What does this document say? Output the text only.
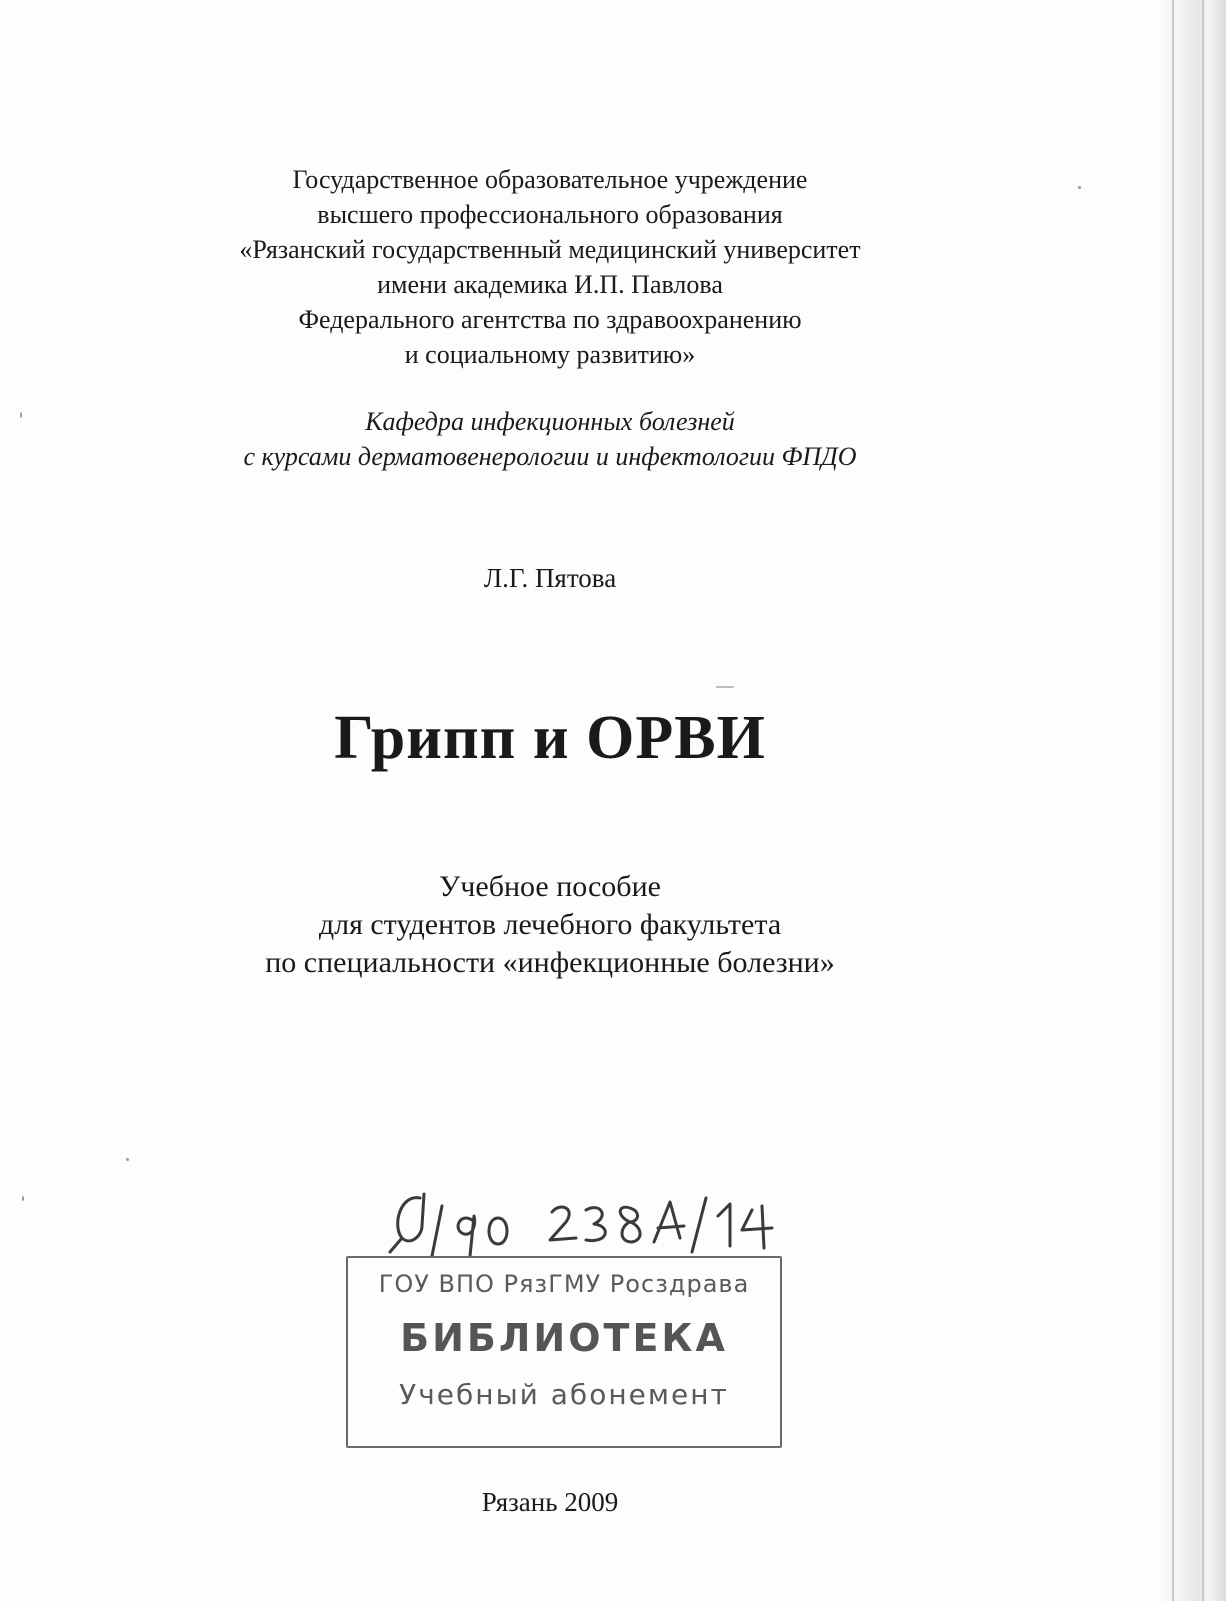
Государственное образовательное учреждение
высшего профессионального образования
«Рязанский государственный медицинский университет
имени академика И.П. Павлова
Федерального агентства по здравоохранению
и социальному развитию»
Кафедра инфекционных болезней
с курсами дерматовенерологии и инфектологии ФПДО
Л.Г. Пятова
Грипп и ОРВИ
Учебное пособие
для студентов лечебного факультета
по специальности «инфекционные болезни»
ГОУ ВПО РязГМУ Росздрава
БИБЛИОТЕКА
Учебный абонемент
Рязань 2009
